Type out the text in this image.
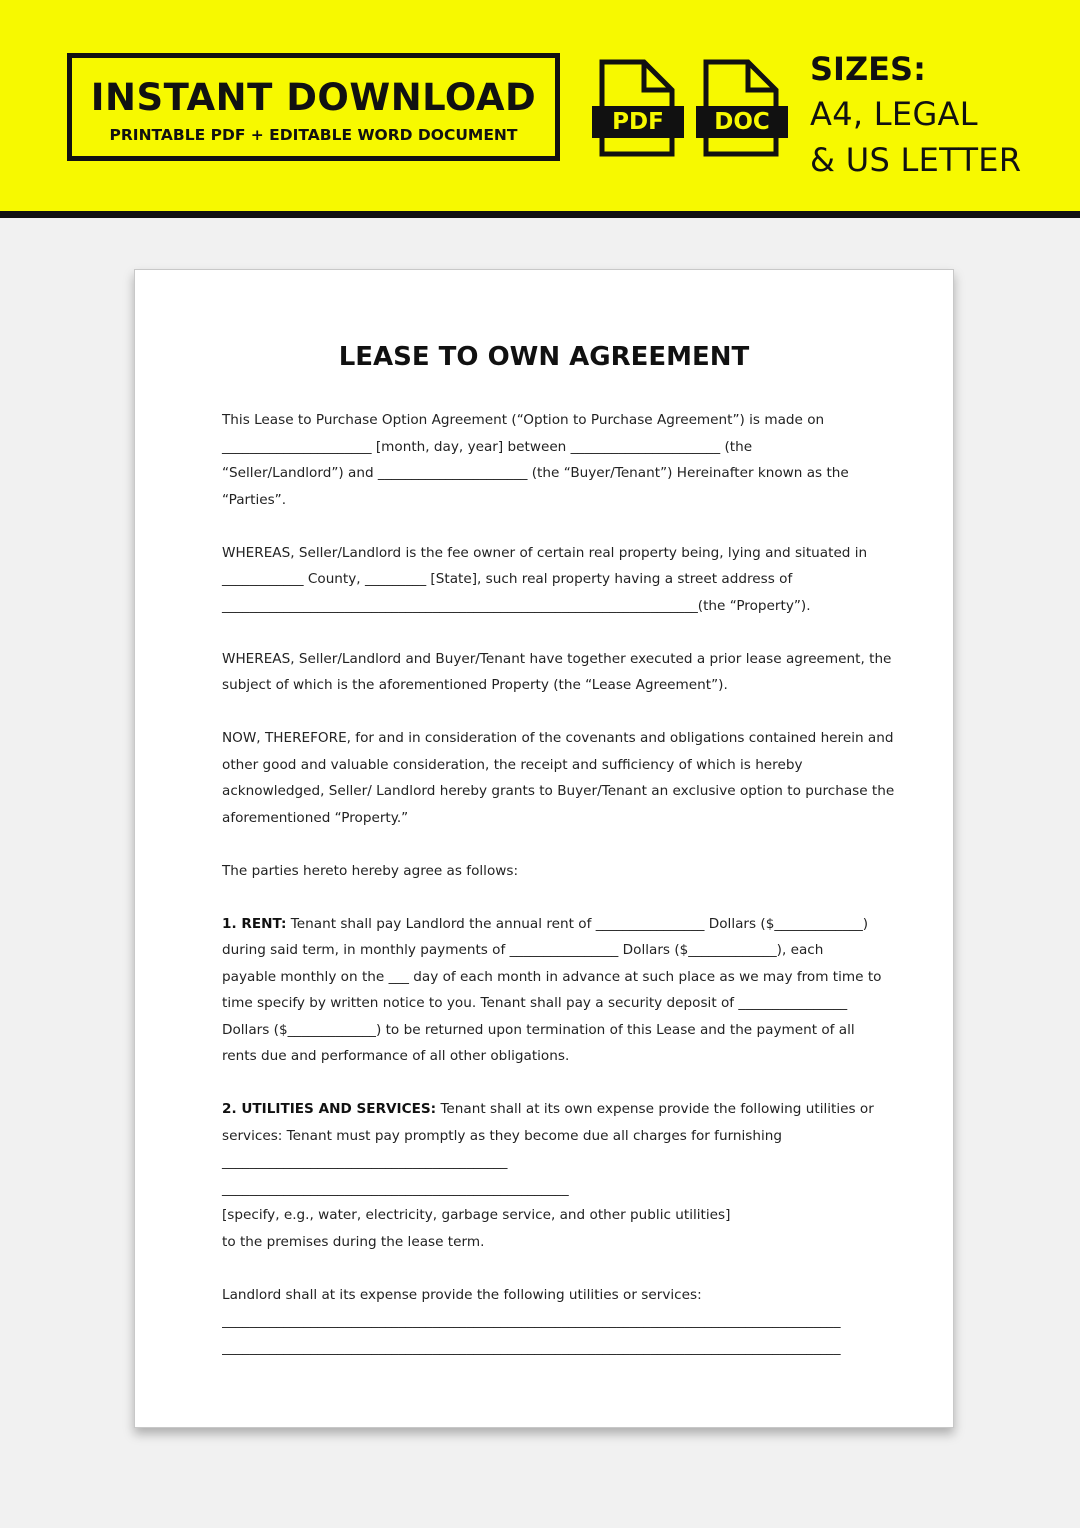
INSTANT DOWNLOAD
PRINTABLE PDF + EDITABLE WORD DOCUMENT	PDF	DOC
SIZES:
A4, LEGAL
& US LETTER
LEASE TO OWN AGREEMENT

This Lease to Purchase Option Agreement (“Option to Purchase Agreement”) is made on
______________________ [month, day, year] between ______________________ (the
“Seller/Landlord”) and ______________________ (the “Buyer/Tenant”) Hereinafter known as the
“Parties”.

WHEREAS, Seller/Landlord is the fee owner of certain real property being, lying and situated in
____________ County, _________ [State], such real property having a street address of
______________________________________________________________________(the “Property”).

WHEREAS, Seller/Landlord and Buyer/Tenant have together executed a prior lease agreement, the
subject of which is the aforementioned Property (the “Lease Agreement”).

NOW, THEREFORE, for and in consideration of the covenants and obligations contained herein and
other good and valuable consideration, the receipt and sufficiency of which is hereby
acknowledged, Seller/ Landlord hereby grants to Buyer/Tenant an exclusive option to purchase the
aforementioned “Property.”

The parties hereto hereby agree as follows:

1. RENT: Tenant shall pay Landlord the annual rent of ________________ Dollars ($_____________)
during said term, in monthly payments of ________________ Dollars ($_____________), each
payable monthly on the ___ day of each month in advance at such place as we may from time to
time specify by written notice to you. Tenant shall pay a security deposit of ________________
Dollars ($_____________) to be returned upon termination of this Lease and the payment of all
rents due and performance of all other obligations.

2. UTILITIES AND SERVICES: Tenant shall at its own expense provide the following utilities or
services: Tenant must pay promptly as they become due all charges for furnishing
__________________________________________
___________________________________________________
[specify, e.g., water, electricity, garbage service, and other public utilities]
to the premises during the lease term.

Landlord shall at its expense provide the following utilities or services:
___________________________________________________________________________________________
___________________________________________________________________________________________
